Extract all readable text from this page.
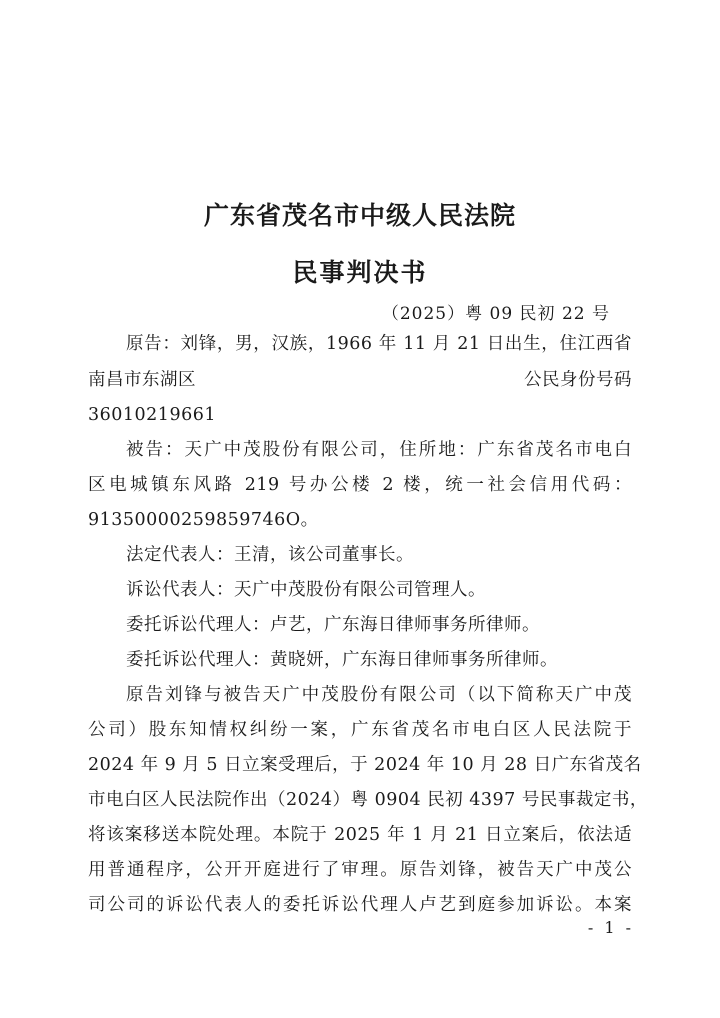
广东省茂名市中级人民法院
民事判决书
（2025）粤 09 民初 22 号
原告：刘锋，男，汉族，1966 年 11 月 21 日出生，住江西省
南昌市东湖区	公民身份号码
36010219661
被告：天广中茂股份有限公司，住所地：广东省茂名市电白
区电城镇东风路 219 号办公楼 2 楼，统一社会信用代码：
91350000259859746O。
法定代表人：王清，该公司董事长。
诉讼代表人：天广中茂股份有限公司管理人。
委托诉讼代理人：卢艺，广东海日律师事务所律师。
委托诉讼代理人：黄晓妍，广东海日律师事务所律师。
原告刘锋与被告天广中茂股份有限公司（以下简称天广中茂
公司）股东知情权纠纷一案，广东省茂名市电白区人民法院于
2024 年 9 月 5 日立案受理后，于 2024 年 10 月 28 日广东省茂名
市电白区人民法院作出（2024）粤 0904 民初 4397 号民事裁定书，
将该案移送本院处理。本院于 2025 年 1 月 21 日立案后，依法适
用普通程序，公开开庭进行了审理。原告刘锋，被告天广中茂公
司公司的诉讼代表人的委托诉讼代理人卢艺到庭参加诉讼。本案
- 1 -
